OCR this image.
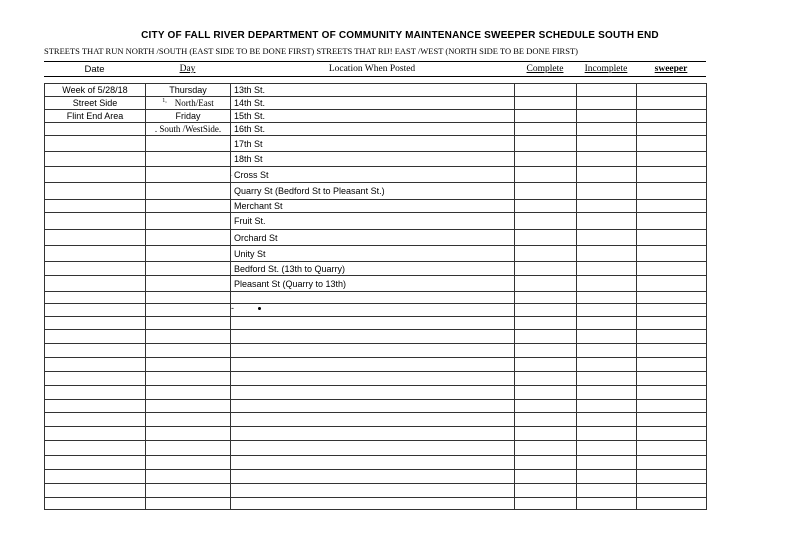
CITY OF FALL RIVER DEPARTMENT OF COMMUNITY MAINTENANCE SWEEPER SCHEDULE SOUTH END
STREETS THAT RUN NORTH /SOUTH (EAST SIDE TO BE DONE FIRST) STREETS THAT RIJ! EAST /WEST (NORTH SIDE TO BE DONE FIRST)
Date	Day	Location When Posted	Complete	Incomplete	sweeper
Week of 5/28/18	Thursday	13th St.			
Street Side	$^{1,}$ North/East	14th St.			
Flint End Area	Friday	15th St.			
	. South /WestSide.	16th St.			
		17th St			
		18th St			
		Cross St			
		Quarry St (Bedford St to Pleasant St.)			
		Merchant St			
		Fruit St.			
		Orchard St			
		Unity St			
		Bedford St. (13th to Quarry)			
		Pleasant St (Quarry to 13th)			

.
-
